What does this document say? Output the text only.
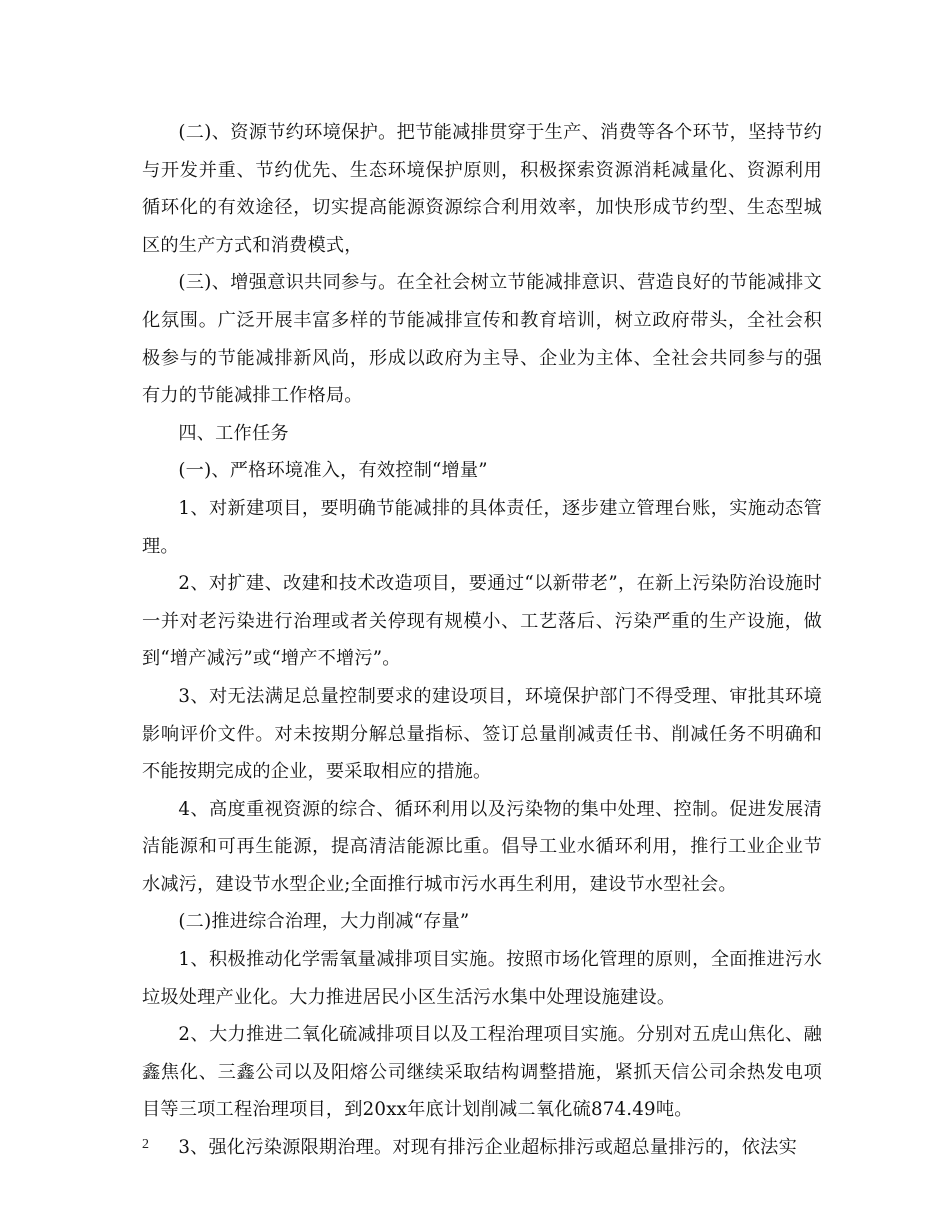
(二)、资源节约环境保护。把节能减排贯穿于生产、消费等各个环节，坚持节约与开发并重、节约优先、生态环境保护原则，积极探索资源消耗减量化、资源利用循环化的有效途径，切实提高能源资源综合利用效率，加快形成节约型、生态型城区的生产方式和消费模式，

(三)、增强意识共同参与。在全社会树立节能减排意识、营造良好的节能减排文化氛围。广泛开展丰富多样的节能减排宣传和教育培训，树立政府带头，全社会积极参与的节能减排新风尚，形成以政府为主导、企业为主体、全社会共同参与的强有力的节能减排工作格局。

四、工作任务

(一)、严格环境准入，有效控制“增量”

1、对新建项目，要明确节能减排的具体责任，逐步建立管理台账，实施动态管理。

2、对扩建、改建和技术改造项目，要通过“以新带老”，在新上污染防治设施时一并对老污染进行治理或者关停现有规模小、工艺落后、污染严重的生产设施，做到“增产减污”或“增产不增污”。

3、对无法满足总量控制要求的建设项目，环境保护部门不得受理、审批其环境影响评价文件。对未按期分解总量指标、签订总量削减责任书、削减任务不明确和不能按期完成的企业，要采取相应的措施。

4、高度重视资源的综合、循环利用以及污染物的集中处理、控制。促进发展清洁能源和可再生能源，提高清洁能源比重。倡导工业水循环利用，推行工业企业节水减污，建设节水型企业;全面推行城市污水再生利用，建设节水型社会。

(二)推进综合治理，大力削减“存量”

1、积极推动化学需氧量减排项目实施。按照市场化管理的原则，全面推进污水垃圾处理产业化。大力推进居民小区生活污水集中处理设施建设。

2、大力推进二氧化硫减排项目以及工程治理项目实施。分别对五虎山焦化、融鑫焦化、三鑫公司以及阳熔公司继续采取结构调整措施，紧抓天信公司余热发电项目等三项工程治理项目，到20xx年底计划削减二氧化硫874.49吨。

3、强化污染源限期治理。对现有排污企业超标排污或超总量排污的，依法实

2
